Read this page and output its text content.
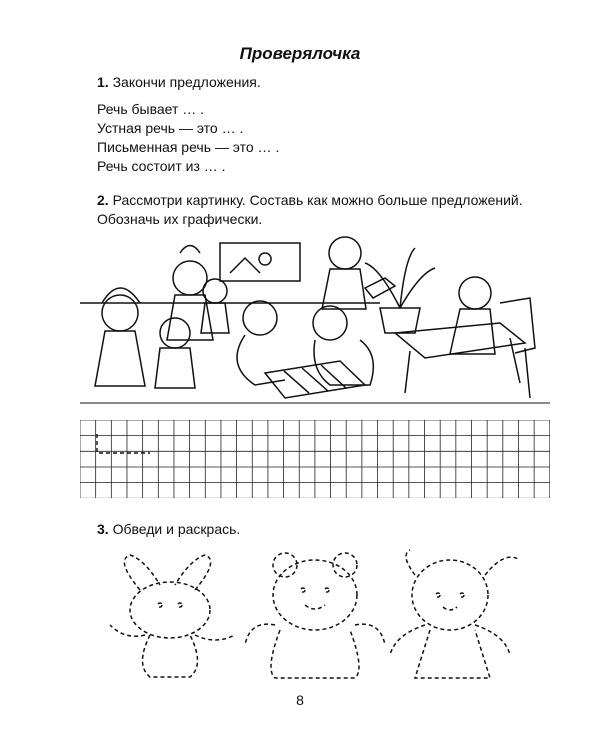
Проверялочка
1. Закончи предложения.
Речь бывает … .
Устная речь — это … .
Письменная речь — это … .
Речь состоит из … .
2. Рассмотри картинку. Составь как можно больше предложений. Обозначь их графически.
3. Обведи и раскрась.
8
